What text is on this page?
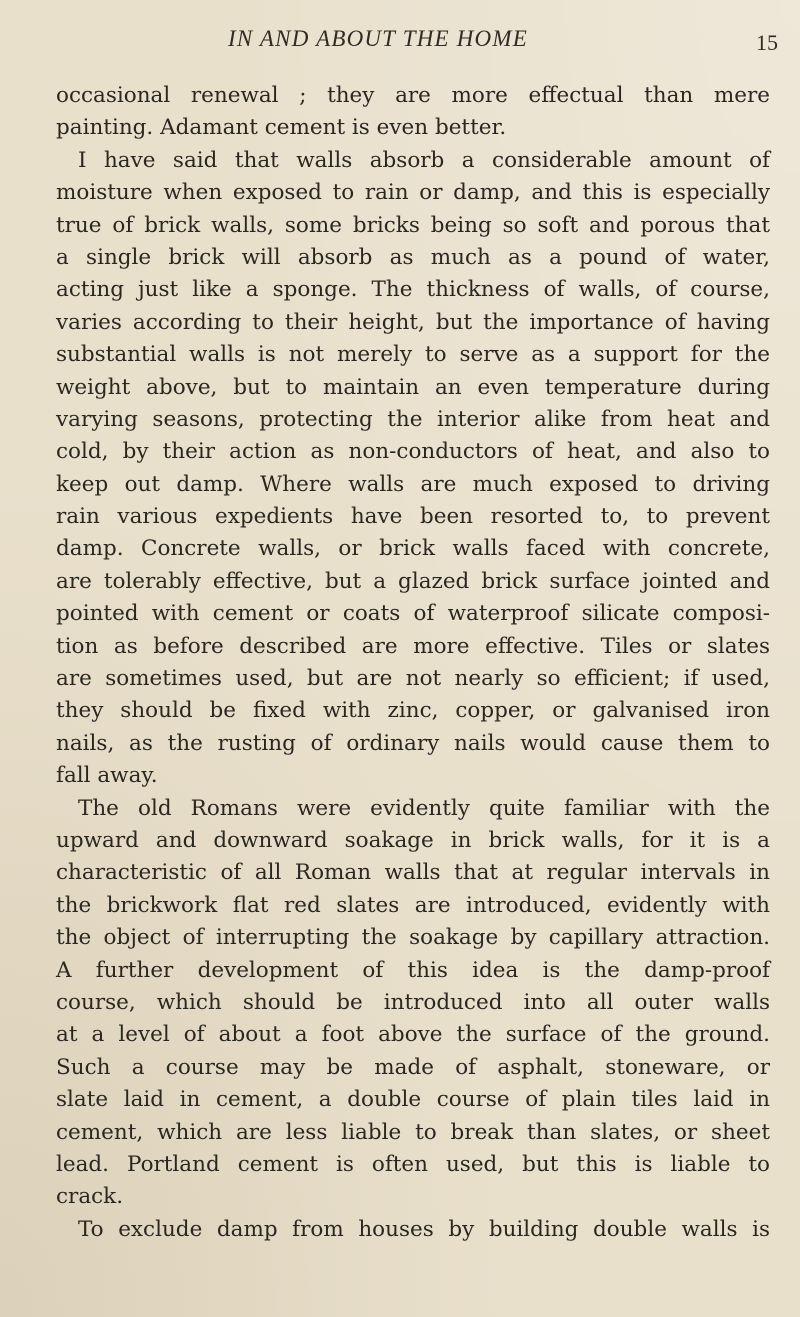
IN AND ABOUT THE HOME	15
occasional renewal ; they are more effectual than mere
painting. Adamant cement is even better.
I have said that walls absorb a considerable amount of
moisture when exposed to rain or damp, and this is especially
true of brick walls, some bricks being so soft and porous that
a single brick will absorb as much as a pound of water,
acting just like a sponge. The thickness of walls, of course,
varies according to their height, but the importance of having
substantial walls is not merely to serve as a support for the
weight above, but to maintain an even temperature during
varying seasons, protecting the interior alike from heat and
cold, by their action as non-conductors of heat, and also to
keep out damp. Where walls are much exposed to driving
rain various expedients have been resorted to, to prevent
damp. Concrete walls, or brick walls faced with concrete,
are tolerably effective, but a glazed brick surface jointed and
pointed with cement or coats of waterproof silicate composi-
tion as before described are more effective. Tiles or slates
are sometimes used, but are not nearly so efficient; if used,
they should be fixed with zinc, copper, or galvanised iron
nails, as the rusting of ordinary nails would cause them to
fall away.
The old Romans were evidently quite familiar with the
upward and downward soakage in brick walls, for it is a
characteristic of all Roman walls that at regular intervals in
the brickwork flat red slates are introduced, evidently with
the object of interrupting the soakage by capillary attraction.
A further development of this idea is the damp-proof
course, which should be introduced into all outer walls
at a level of about a foot above the surface of the ground.
Such a course may be made of asphalt, stoneware, or
slate laid in cement, a double course of plain tiles laid in
cement, which are less liable to break than slates, or sheet
lead. Portland cement is often used, but this is liable to
crack.
To exclude damp from houses by building double walls is
